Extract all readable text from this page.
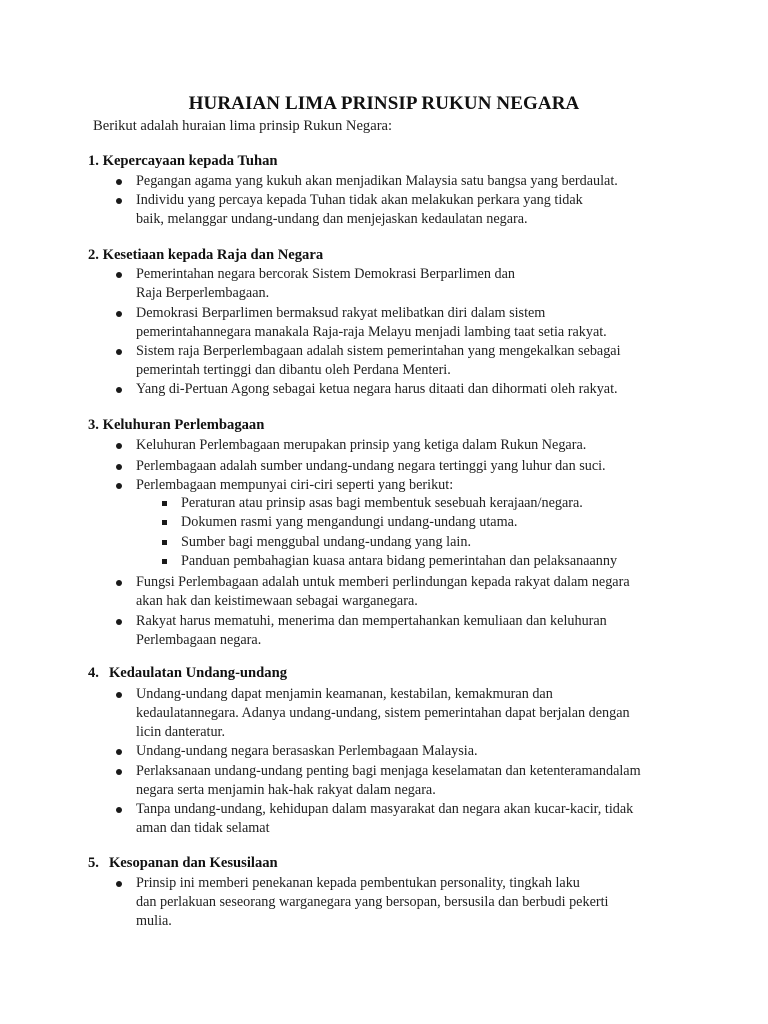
HURAIAN LIMA PRINSIP RUKUN NEGARA
Berikut adalah huraian lima prinsip Rukun Negara:
1. Kepercayaan kepada Tuhan
Pegangan agama yang kukuh akan menjadikan Malaysia satu bangsa yang berdaulat.
Individu yang percaya kepada Tuhan tidak akan melakukan perkara yang tidak
baik, melanggar undang-undang dan menjejaskan kedaulatan negara.
2. Kesetiaan kepada Raja dan Negara
Pemerintahan negara bercorak Sistem Demokrasi Berparlimen dan
Raja Berperlembagaan.
Demokrasi Berparlimen bermaksud rakyat melibatkan diri dalam sistem
pemerintahannegara manakala Raja-raja Melayu menjadi lambing taat setia rakyat.
Sistem raja Berperlembagaan adalah sistem pemerintahan yang mengekalkan sebagai
pemerintah tertinggi dan dibantu oleh Perdana Menteri.
Yang di-Pertuan Agong sebagai ketua negara harus ditaati dan dihormati oleh rakyat.
3. Keluhuran Perlembagaan
Keluhuran Perlembagaan merupakan prinsip yang ketiga dalam Rukun Negara.
Perlembagaan adalah sumber undang-undang negara tertinggi yang luhur dan suci.
Perlembagaan mempunyai ciri-ciri seperti yang berikut:
Peraturan atau prinsip asas bagi membentuk sesebuah kerajaan/negara.
Dokumen rasmi yang mengandungi undang-undang utama.
Sumber bagi menggubal undang-undang yang lain.
Panduan pembahagian kuasa antara bidang pemerintahan dan pelaksanaanny
Fungsi Perlembagaan adalah untuk memberi perlindungan kepada rakyat dalam negara
akan hak dan keistimewaan sebagai warganegara.
Rakyat harus mematuhi, menerima dan mempertahankan kemuliaan dan keluhuran
Perlembagaan negara.
4. Kedaulatan Undang-undang
Undang-undang dapat menjamin keamanan, kestabilan, kemakmuran dan
kedaulatannegara. Adanya undang-undang, sistem pemerintahan dapat berjalan dengan
licin danteratur.
Undang-undang negara berasaskan Perlembagaan Malaysia.
Perlaksanaan undang-undang penting bagi menjaga keselamatan dan ketenteramandalam
negara serta menjamin hak-hak rakyat dalam negara.
Tanpa undang-undang, kehidupan dalam masyarakat dan negara akan kucar-kacir, tidak
aman dan tidak selamat
5. Kesopanan dan Kesusilaan
Prinsip ini memberi penekanan kepada pembentukan personality, tingkah laku
dan perlakuan seseorang warganegara yang bersopan, bersusila dan berbudi pekerti
mulia.
